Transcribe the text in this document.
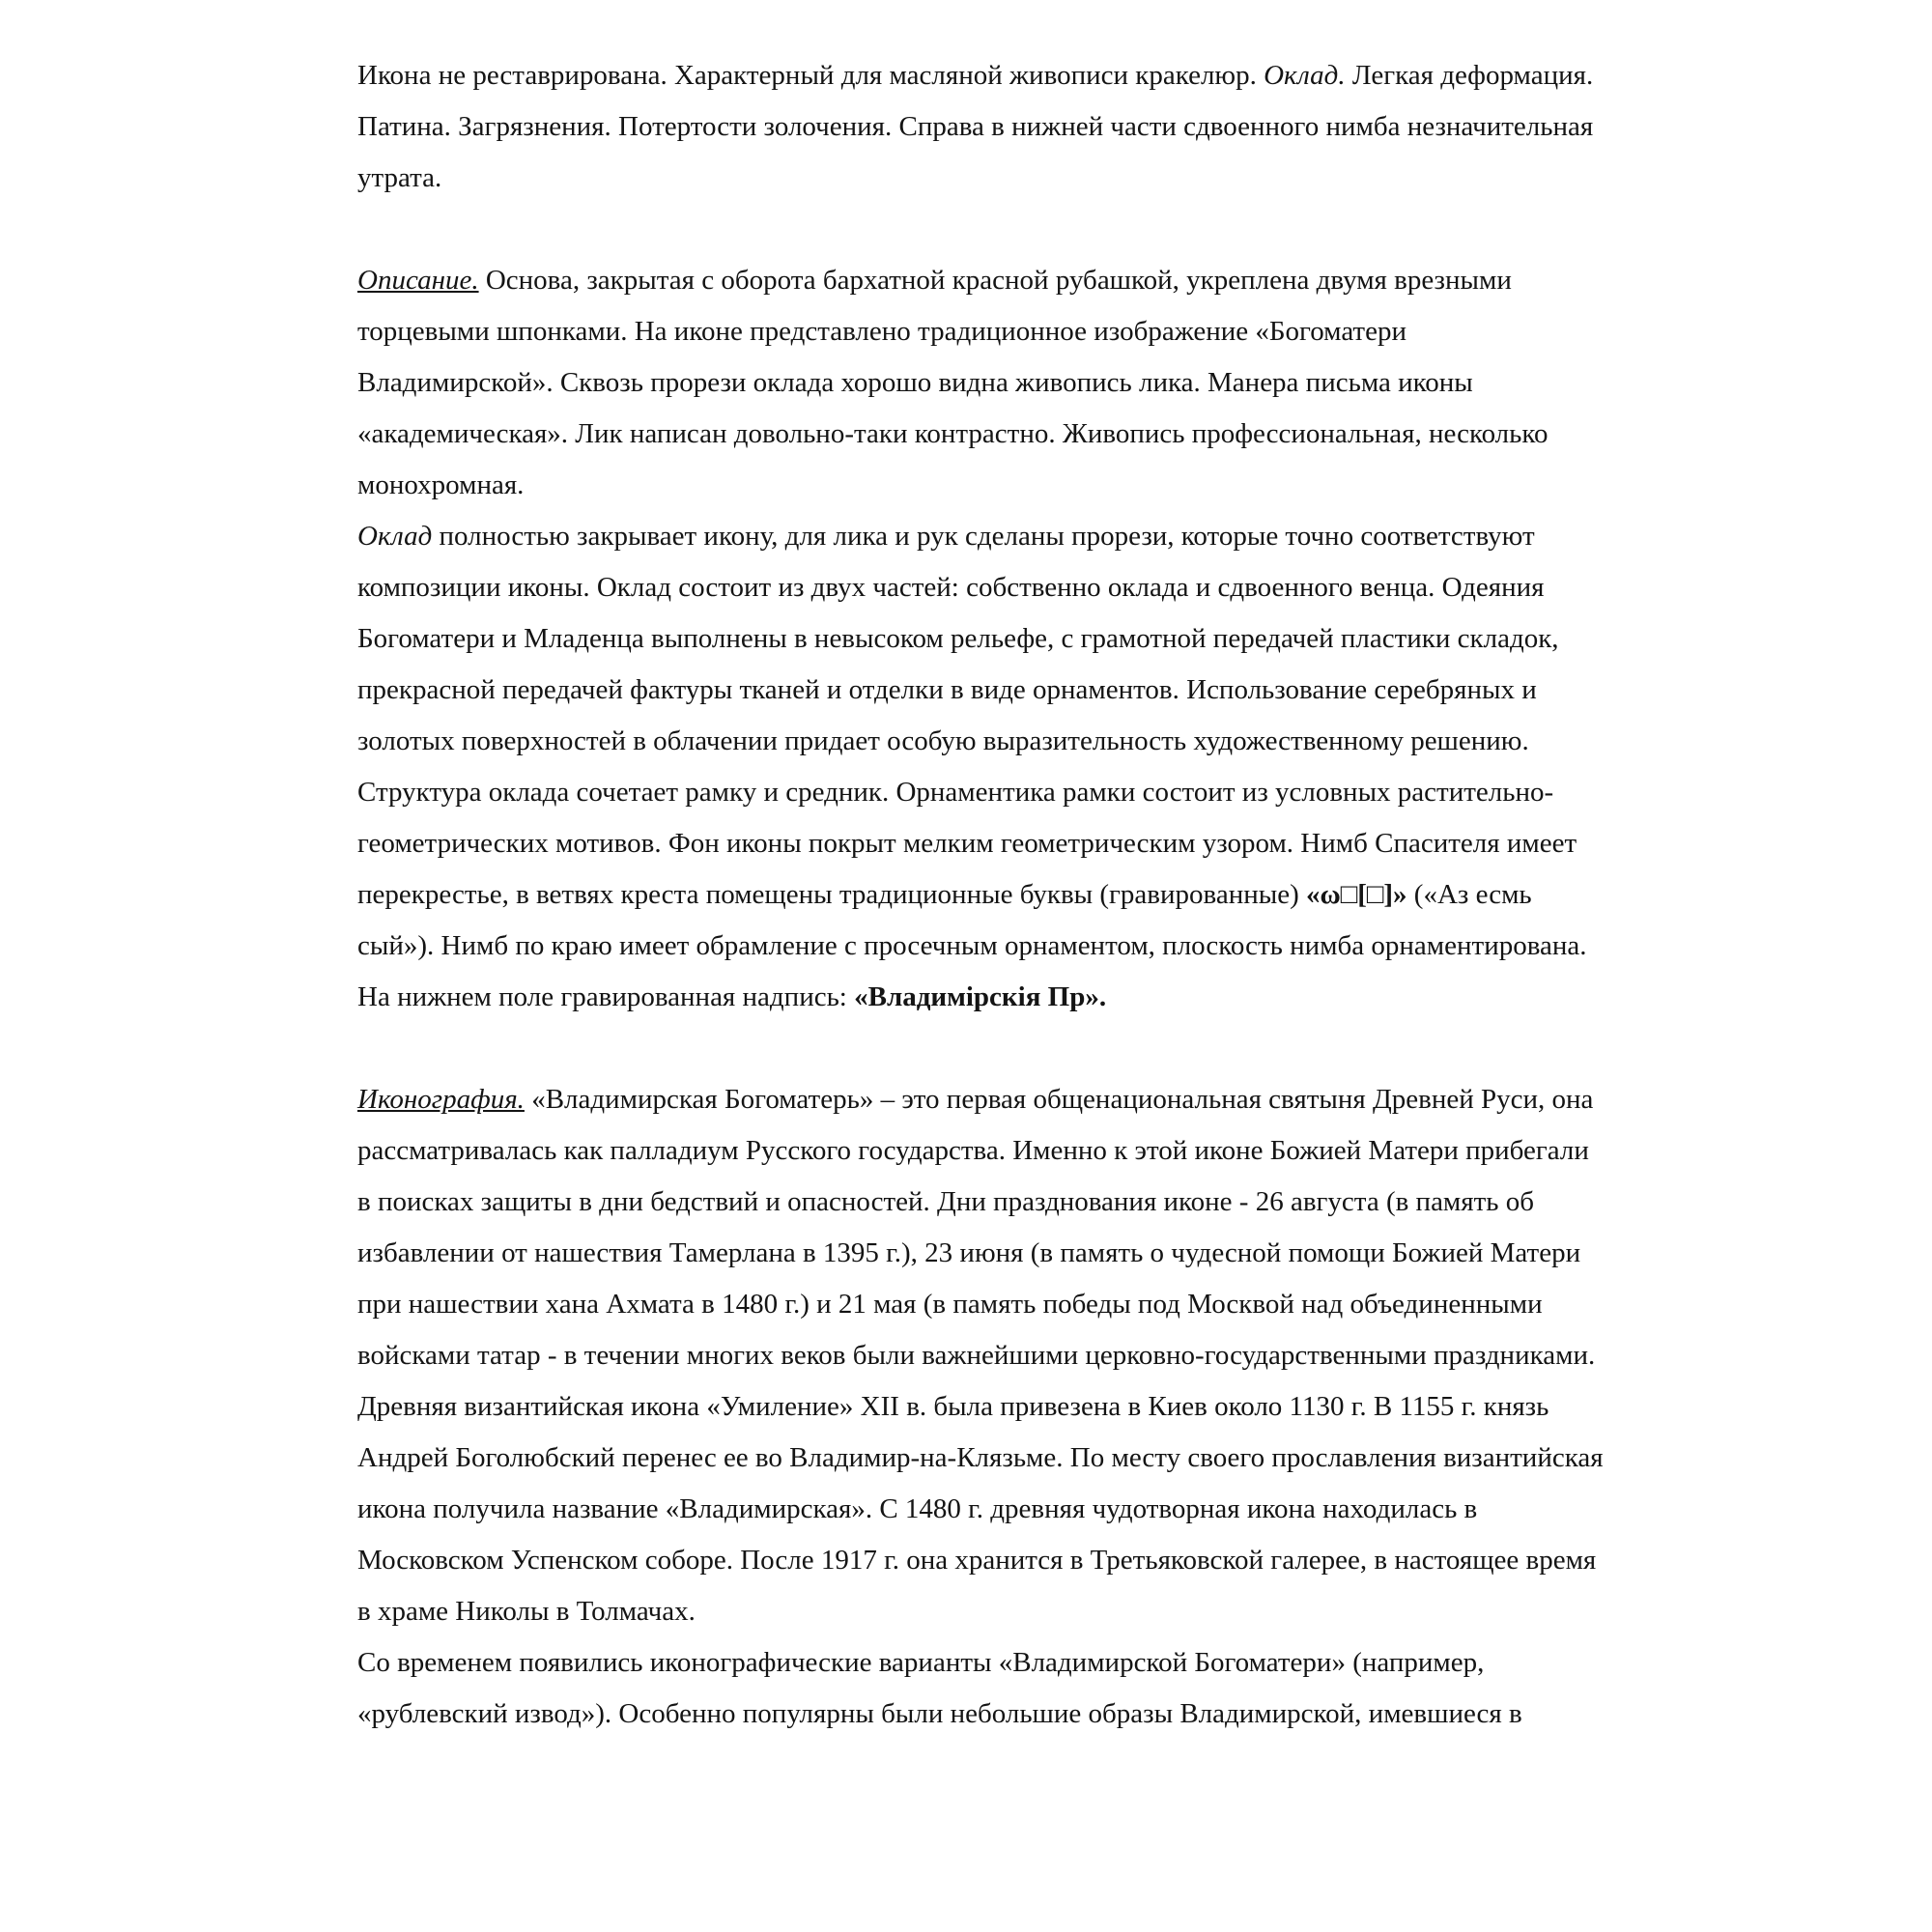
Икона не реставрирована. Характерный для масляной живописи кракелюр. Оклад. Легкая деформация. Патина. Загрязнения. Потертости золочения. Справа в нижней части сдвоенного нимба незначительная утрата.

Описание. Основа, закрытая с оборота бархатной красной рубашкой, укреплена двумя врезными торцевыми шпонками. На иконе представлено традиционное изображение «Богоматери Владимирской». Сквозь прорези оклада хорошо видна живопись лика. Манера письма иконы «академическая». Лик написан довольно-таки контрастно. Живопись профессиональная, несколько монохромная.

Оклад полностью закрывает икону, для лика и рук сделаны прорези, которые точно соответствуют композиции иконы. Оклад состоит из двух частей: собственно оклада и сдвоенного венца. Одеяния Богоматери и Младенца выполнены в невысоком рельефе, с грамотной передачей пластики складок, прекрасной передачей фактуры тканей и отделки в виде орнаментов. Использование серебряных и золотых поверхностей в облачении придает особую выразительность художественному решению. Структура оклада сочетает рамку и средник. Орнаментика рамки состоит из условных растительно-геометрических мотивов. Фон иконы покрыт мелким геометрическим узором. Нимб Спасителя имеет перекрестье, в ветвях креста помещены традиционные буквы (гравированные) «ω□[□]» («Аз есмь сый»). Нимб по краю имеет обрамление с просечным орнаментом, плоскость нимба орнаментирована. На нижнем поле гравированная надпись: «Владимiрскiя Пр».

Иконография. «Владимирская Богоматерь» – это первая общенациональная святыня Древней Руси, она рассматривалась как палладиум Русского государства. Именно к этой иконе Божией Матери прибегали в поисках защиты в дни бедствий и опасностей. Дни празднования иконе - 26 августа (в память об избавлении от нашествия Тамерлана в 1395 г.), 23 июня (в память о чудесной помощи Божией Матери при нашествии хана Ахмата в 1480 г.) и 21 мая (в память победы под Москвой над объединенными войсками татар - в течении многих веков были важнейшими церковно-государственными праздниками. Древняя византийская икона «Умиление» XII в. была привезена в Киев около 1130 г. В 1155 г. князь Андрей Боголюбский перенес ее во Владимир-на-Клязьме. По месту своего прославления византийская икона получила название «Владимирская». С 1480 г. древняя чудотворная икона находилась в Московском Успенском соборе. После 1917 г. она хранится в Третьяковской галерее, в настоящее время в храме Николы в Толмачах.

Со временем появились иконографические варианты «Владимирской Богоматери» (например, «рублевский извод»). Особенно популярны были небольшие образы Владимирской, имевшиеся в
